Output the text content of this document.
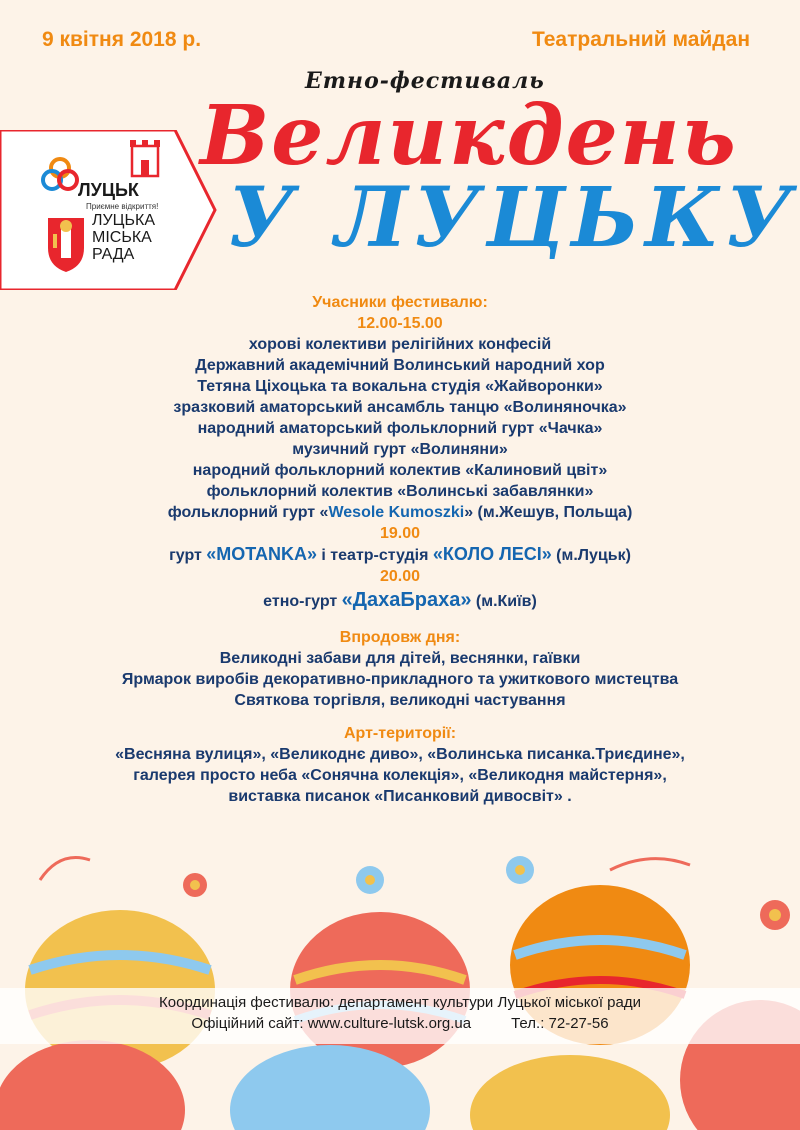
ЛУЦЬК
Приємне відкриття!
ЛУЦЬКА
МІСЬКА
РАДА
9 квітня 2018 р.	Театральний майдан
Етно-фестиваль
Великдень
У ЛУЦЬКУ
Учасники фестивалю:
12.00-15.00
хорові колективи релігійних конфесій
Державний академічний Волинський народний хор
Тетяна Ціхоцька та вокальна студія «Жайворонки»
зразковий аматорський ансамбль танцю «Волиняночка»
народний аматорський фольклорний гурт «Чачка»
музичний гурт «Волиняни»
народний фольклорний колектив «Калиновий цвіт»
фольклорний колектив «Волинські забавлянки»
фольклорний гурт «Wesole Kumoszki» (м.Жешув, Польща)
19.00
гурт «MOTANKA» і театр-студія «КОЛО ЛЕСІ» (м.Луцьк)
20.00
етно-гурт «ДахаБраха» (м.Київ)
Впродовж дня:
Великодні забави для дітей, веснянки, гаївки
Ярмарок виробів декоративно-прикладного та ужиткового мистецтва
Святкова торгівля, великодні частування
Арт-території:
«Весняна вулиця», «Великоднє диво», «Волинська писанка.Триєдине»,
галерея просто неба «Сонячна колекція», «Великодня майстерня»,
виставка писанок «Писанковий дивосвіт» .
Координація фестивалю: департамент культури Луцької міської ради
Офіційний сайт: www.culture-lutsk.org.ua	Тел.: 72-27-56
